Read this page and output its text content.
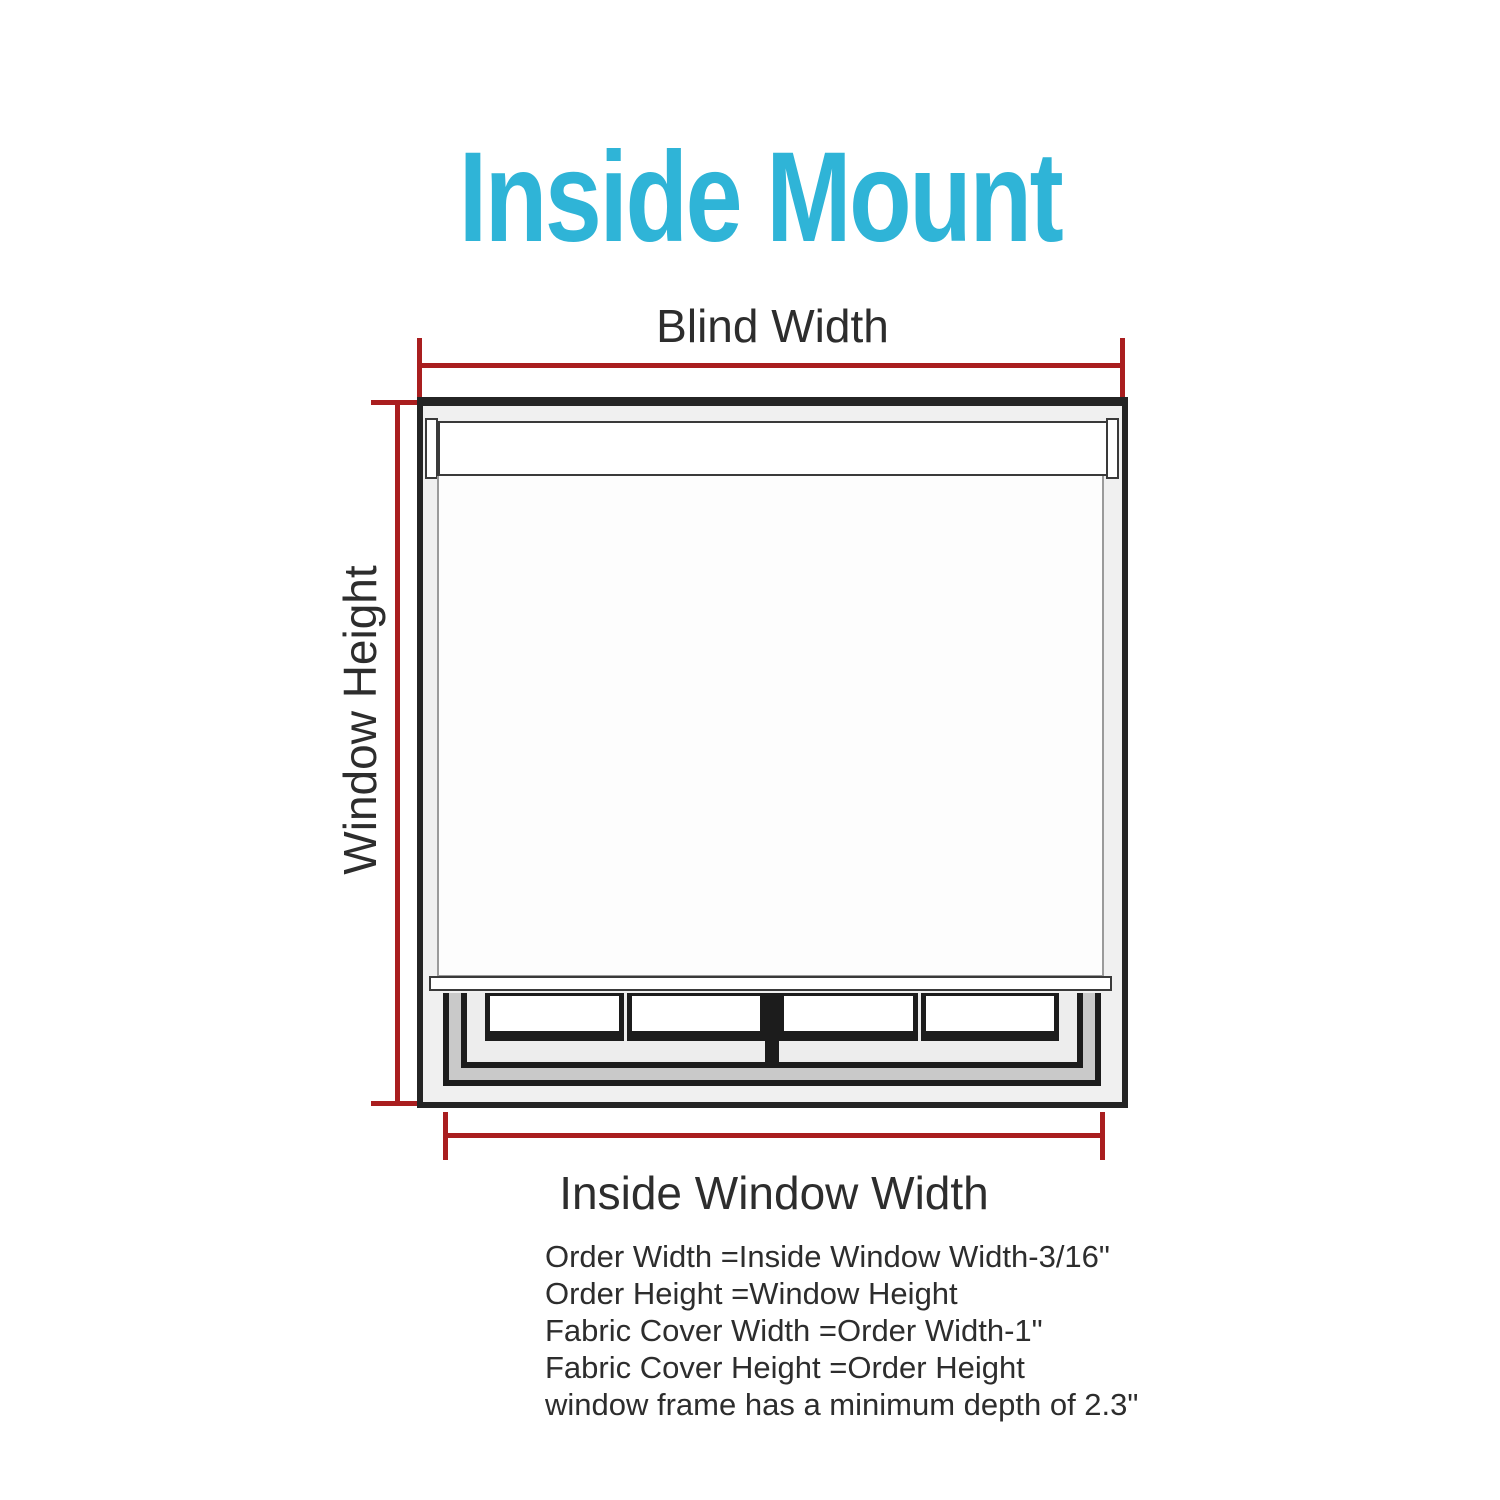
Inside Mount
Blind Width
Window Height
Inside Window Width
Order Width =Inside Window Width-3/16"
Order Height =Window Height
Fabric Cover Width =Order Width-1"
Fabric Cover Height =Order Height
window frame has a minimum depth of 2.3"
